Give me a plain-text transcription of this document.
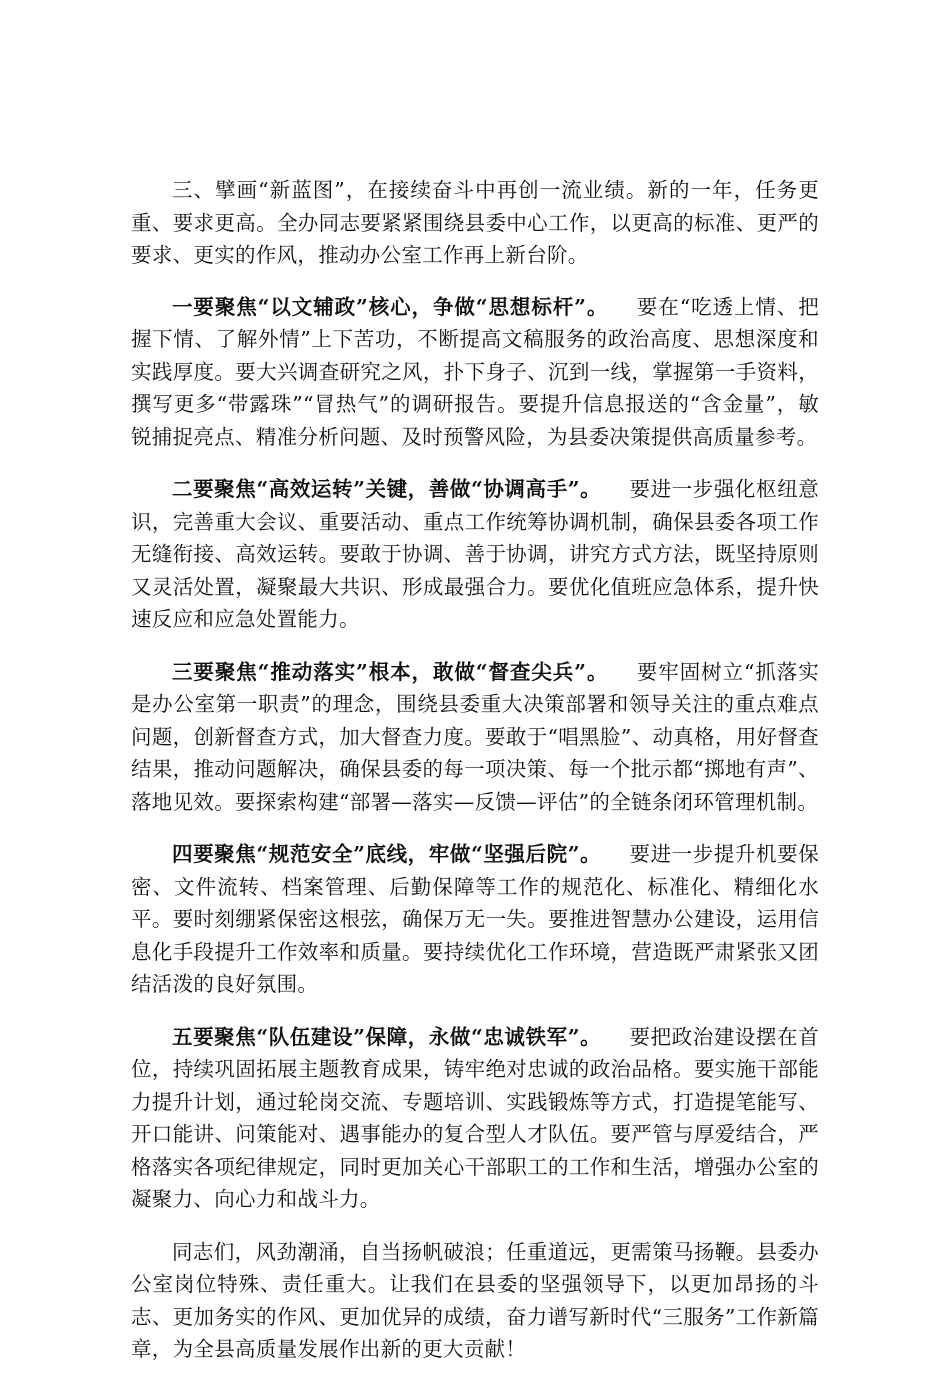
三、擘画“新蓝图”，在接续奋斗中再创一流业绩。新的一年，任务更重、要求更高。全办同志要紧紧围绕县委中心工作，以更高的标准、更严的要求、更实的作风，推动办公室工作再上新台阶。

一要聚焦“以文辅政”核心，争做“思想标杆”。 要在“吃透上情、把握下情、了解外情”上下苦功，不断提高文稿服务的政治高度、思想深度和实践厚度。要大兴调查研究之风，扑下身子、沉到一线，掌握第一手资料，撰写更多“带露珠”“冒热气”的调研报告。要提升信息报送的“含金量”，敏锐捕捉亮点、精准分析问题、及时预警风险，为县委决策提供高质量参考。

二要聚焦“高效运转”关键，善做“协调高手”。 要进一步强化枢纽意识，完善重大会议、重要活动、重点工作统筹协调机制，确保县委各项工作无缝衔接、高效运转。要敢于协调、善于协调，讲究方式方法，既坚持原则又灵活处置，凝聚最大共识、形成最强合力。要优化值班应急体系，提升快速反应和应急处置能力。

三要聚焦“推动落实”根本，敢做“督查尖兵”。 要牢固树立“抓落实是办公室第一职责”的理念，围绕县委重大决策部署和领导关注的重点难点问题，创新督查方式，加大督查力度。要敢于“唱黑脸”、动真格，用好督查结果，推动问题解决，确保县委的每一项决策、每一个批示都“掷地有声”、落地见效。要探索构建“部署—落实—反馈—评估”的全链条闭环管理机制。

四要聚焦“规范安全”底线，牢做“坚强后院”。 要进一步提升机要保密、文件流转、档案管理、后勤保障等工作的规范化、标准化、精细化水平。要时刻绷紧保密这根弦，确保万无一失。要推进智慧办公建设，运用信息化手段提升工作效率和质量。要持续优化工作环境，营造既严肃紧张又团结活泼的良好氛围。

五要聚焦“队伍建设”保障，永做“忠诚铁军”。 要把政治建设摆在首位，持续巩固拓展主题教育成果，铸牢绝对忠诚的政治品格。要实施干部能力提升计划，通过轮岗交流、专题培训、实践锻炼等方式，打造提笔能写、开口能讲、问策能对、遇事能办的复合型人才队伍。要严管与厚爱结合，严格落实各项纪律规定，同时更加关心干部职工的工作和生活，增强办公室的凝聚力、向心力和战斗力。

同志们，风劲潮涌，自当扬帆破浪；任重道远，更需策马扬鞭。县委办公室岗位特殊、责任重大。让我们在县委的坚强领导下，以更加昂扬的斗志、更加务实的作风、更加优异的成绩，奋力谱写新时代“三服务”工作新篇章，为全县高质量发展作出新的更大贡献！
